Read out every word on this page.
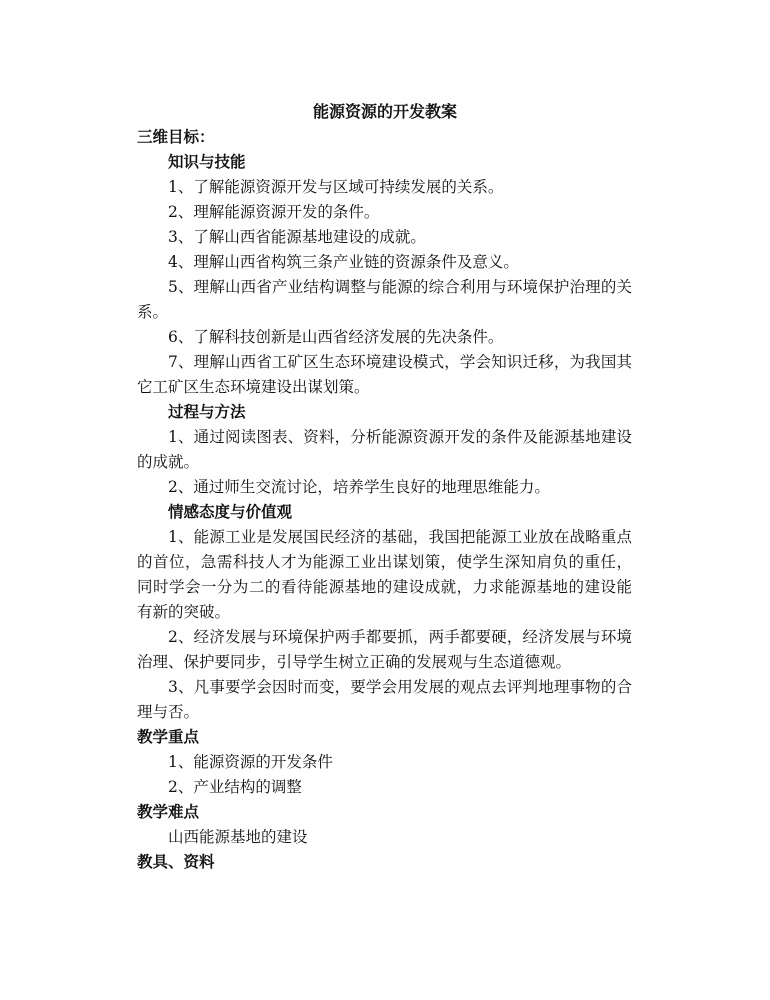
能源资源的开发教案

三维目标：

知识与技能

1、了解能源资源开发与区域可持续发展的关系。

2、理解能源资源开发的条件。

3、了解山西省能源基地建设的成就。

4、理解山西省构筑三条产业链的资源条件及意义。

5、理解山西省产业结构调整与能源的综合利用与环境保护治理的关系。

6、了解科技创新是山西省经济发展的先决条件。

7、理解山西省工矿区生态环境建设模式，学会知识迁移，为我国其它工矿区生态环境建设出谋划策。

过程与方法

1、通过阅读图表、资料，分析能源资源开发的条件及能源基地建设的成就。

2、通过师生交流讨论，培养学生良好的地理思维能力。

情感态度与价值观

1、能源工业是发展国民经济的基础，我国把能源工业放在战略重点的首位，急需科技人才为能源工业出谋划策，使学生深知肩负的重任，同时学会一分为二的看待能源基地的建设成就，力求能源基地的建设能有新的突破。

2、经济发展与环境保护两手都要抓，两手都要硬，经济发展与环境治理、保护要同步，引导学生树立正确的发展观与生态道德观。

3、凡事要学会因时而变，要学会用发展的观点去评判地理事物的合理与否。

教学重点

1、能源资源的开发条件

2、产业结构的调整

教学难点

山西能源基地的建设

教具、资料
